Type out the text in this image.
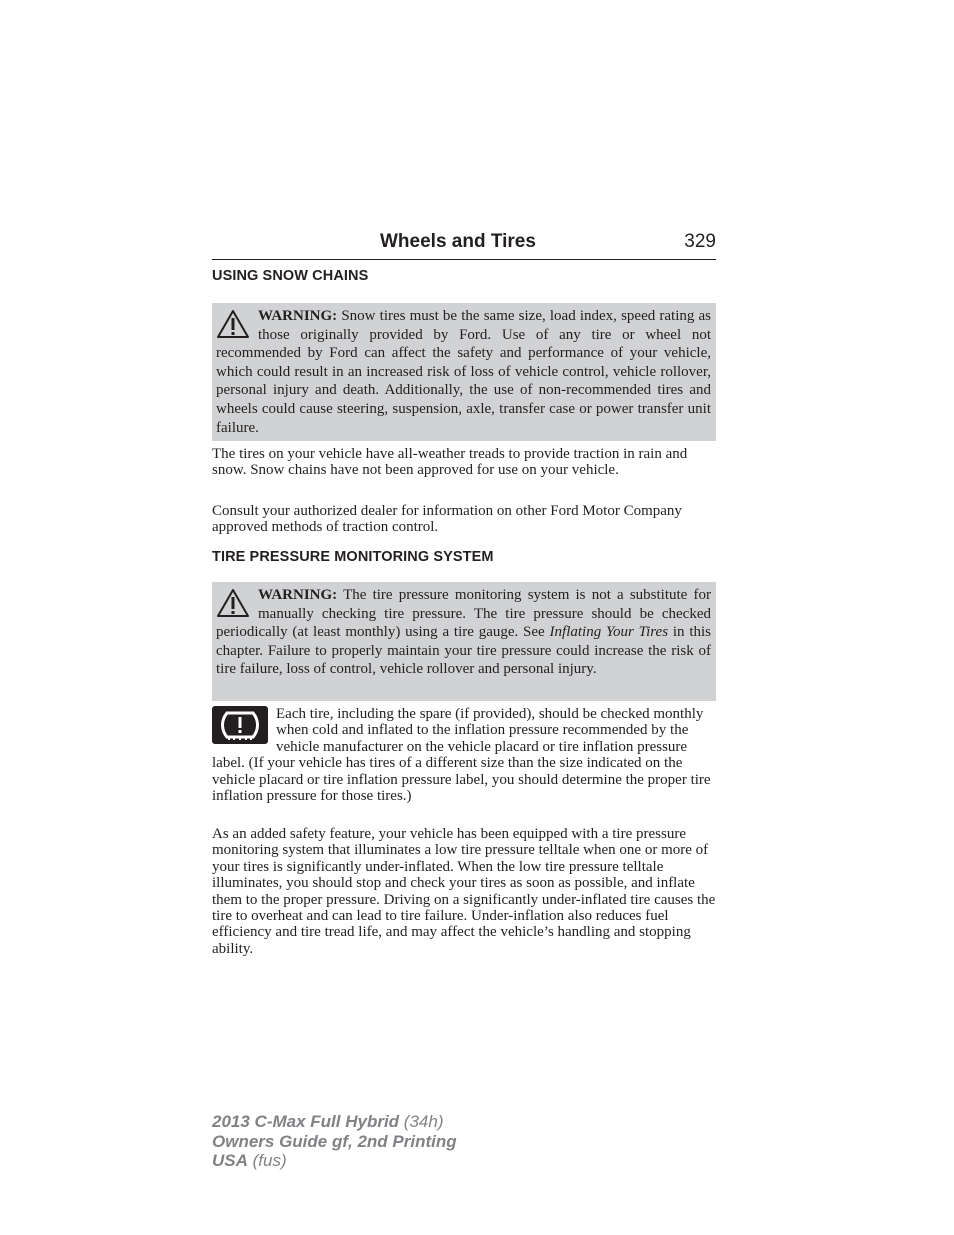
Wheels and Tires	329
USING SNOW CHAINS
WARNING: Snow tires must be the same size, load index, speed rating as those originally provided by Ford. Use of any tire or wheel not recommended by Ford can affect the safety and performance of your vehicle, which could result in an increased risk of loss of vehicle control, vehicle rollover, personal injury and death. Additionally, the use of non-recommended tires and wheels could cause steering, suspension, axle, transfer case or power transfer unit failure.

The tires on your vehicle have all-weather treads to provide traction in rain and snow. Snow chains have not been approved for use on your vehicle.

Consult your authorized dealer for information on other Ford Motor Company approved methods of traction control.

TIRE PRESSURE MONITORING SYSTEM
WARNING: The tire pressure monitoring system is not a substitute for manually checking tire pressure. The tire pressure should be checked periodically (at least monthly) using a tire gauge. See Inflating Your Tires in this chapter. Failure to properly maintain your tire pressure could increase the risk of tire failure, loss of control, vehicle rollover and personal injury.
Each tire, including the spare (if provided), should be checked monthly when cold and inflated to the inflation pressure recommended by the vehicle manufacturer on the vehicle placard or tire inflation pressure label. (If your vehicle has tires of a different size than the size indicated on the vehicle placard or tire inflation pressure label, you should determine the proper tire inflation pressure for those tires.)

As an added safety feature, your vehicle has been equipped with a tire pressure monitoring system that illuminates a low tire pressure telltale when one or more of your tires is significantly under-inflated. When the low tire pressure telltale illuminates, you should stop and check your tires as soon as possible, and inflate them to the proper pressure. Driving on a significantly under-inflated tire causes the tire to overheat and can lead to tire failure. Under-inflation also reduces fuel efficiency and tire tread life, and may affect the vehicle’s handling and stopping ability.

2013 C-Max Full Hybrid (34h)
Owners Guide gf, 2nd Printing
USA (fus)
